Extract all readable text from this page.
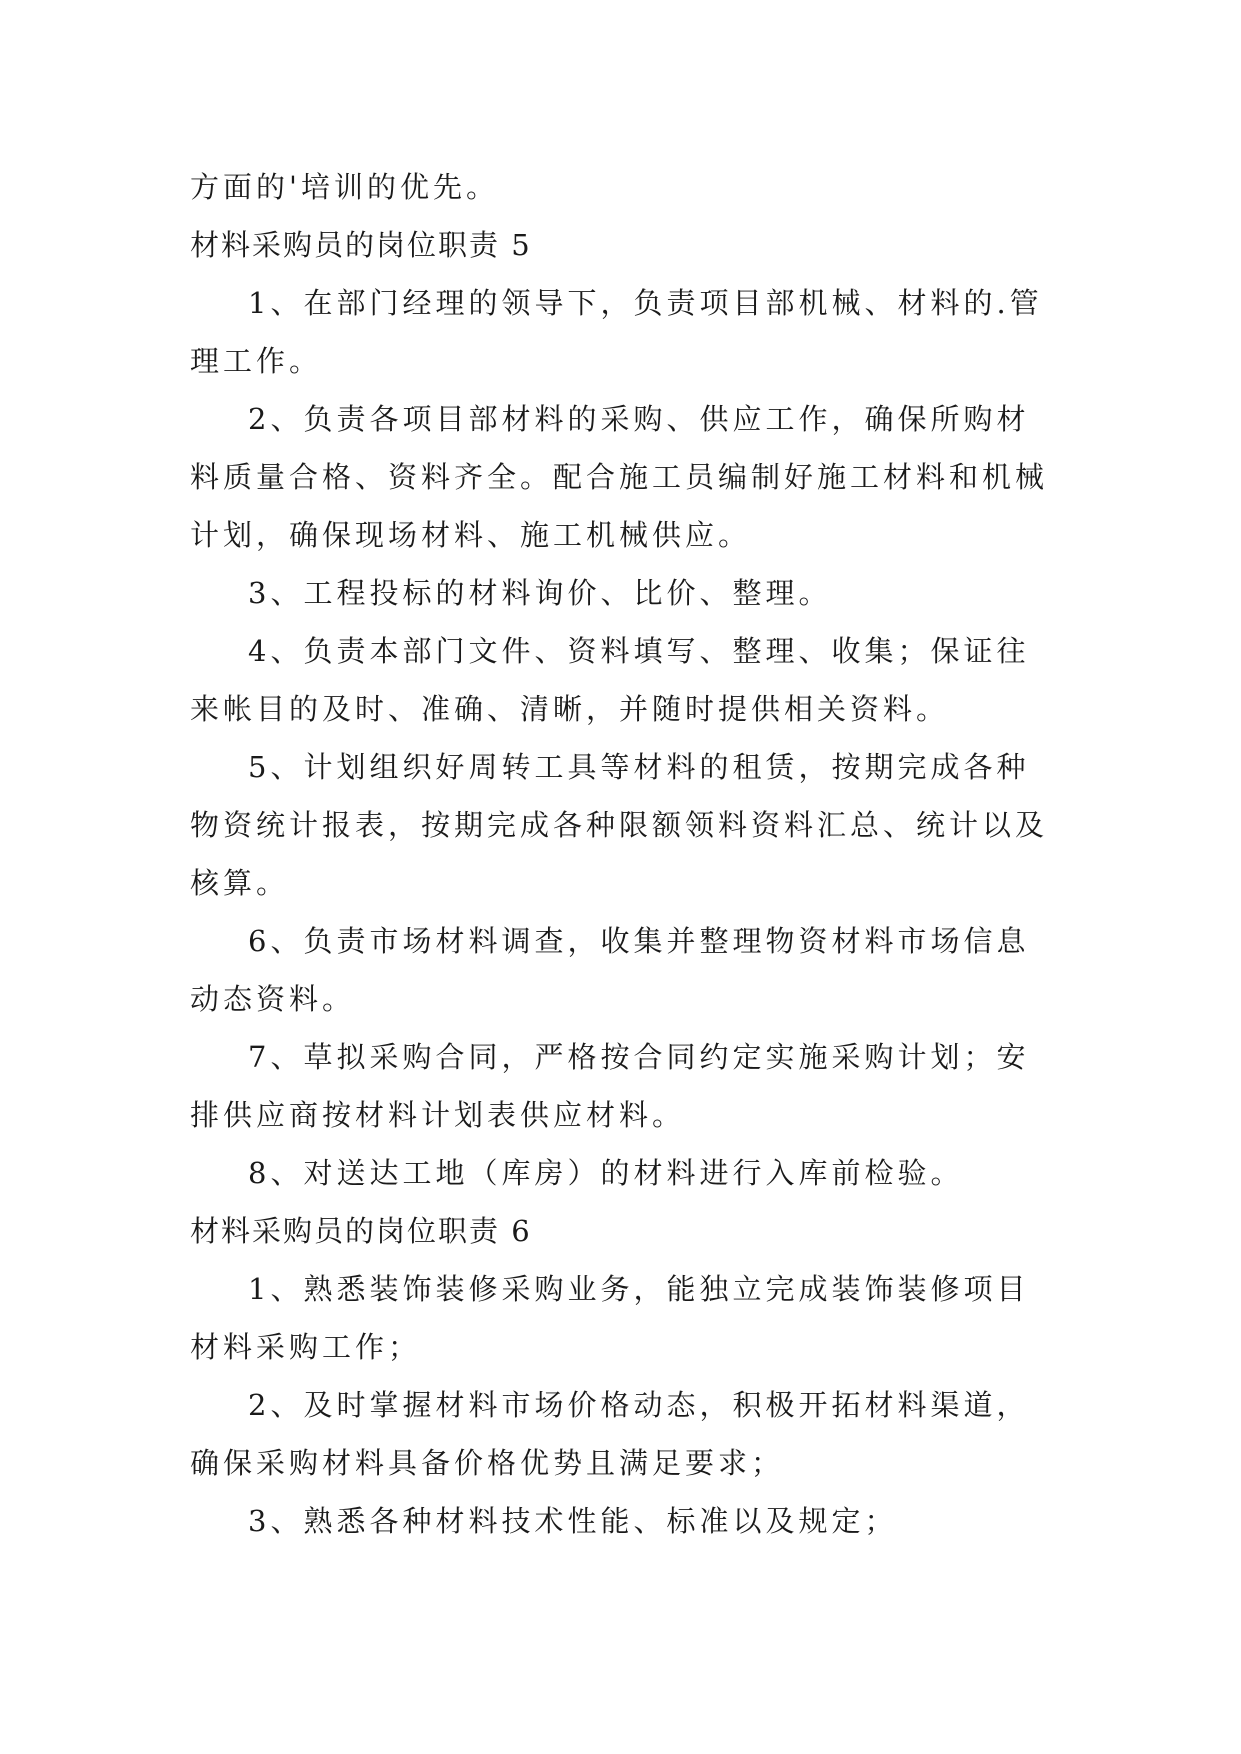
方面的'培训的优先。

材料采购员的岗位职责 5

1、在部门经理的领导下，负责项目部机械、材料的.管
理工作。
2、负责各项目部材料的采购、供应工作，确保所购材
料质量合格、资料齐全。配合施工员编制好施工材料和机械
计划，确保现场材料、施工机械供应。
3、工程投标的材料询价、比价、整理。
4、负责本部门文件、资料填写、整理、收集；保证往
来帐目的及时、准确、清晰，并随时提供相关资料。
5、计划组织好周转工具等材料的租赁，按期完成各种
物资统计报表，按期完成各种限额领料资料汇总、统计以及
核算。
6、负责市场材料调查，收集并整理物资材料市场信息
动态资料。
7、草拟采购合同，严格按合同约定实施采购计划；安
排供应商按材料计划表供应材料。
8、对送达工地（库房）的材料进行入库前检验。

材料采购员的岗位职责 6

1、熟悉装饰装修采购业务，能独立完成装饰装修项目
材料采购工作；
2、及时掌握材料市场价格动态，积极开拓材料渠道，
确保采购材料具备价格优势且满足要求；
3、熟悉各种材料技术性能、标准以及规定；
